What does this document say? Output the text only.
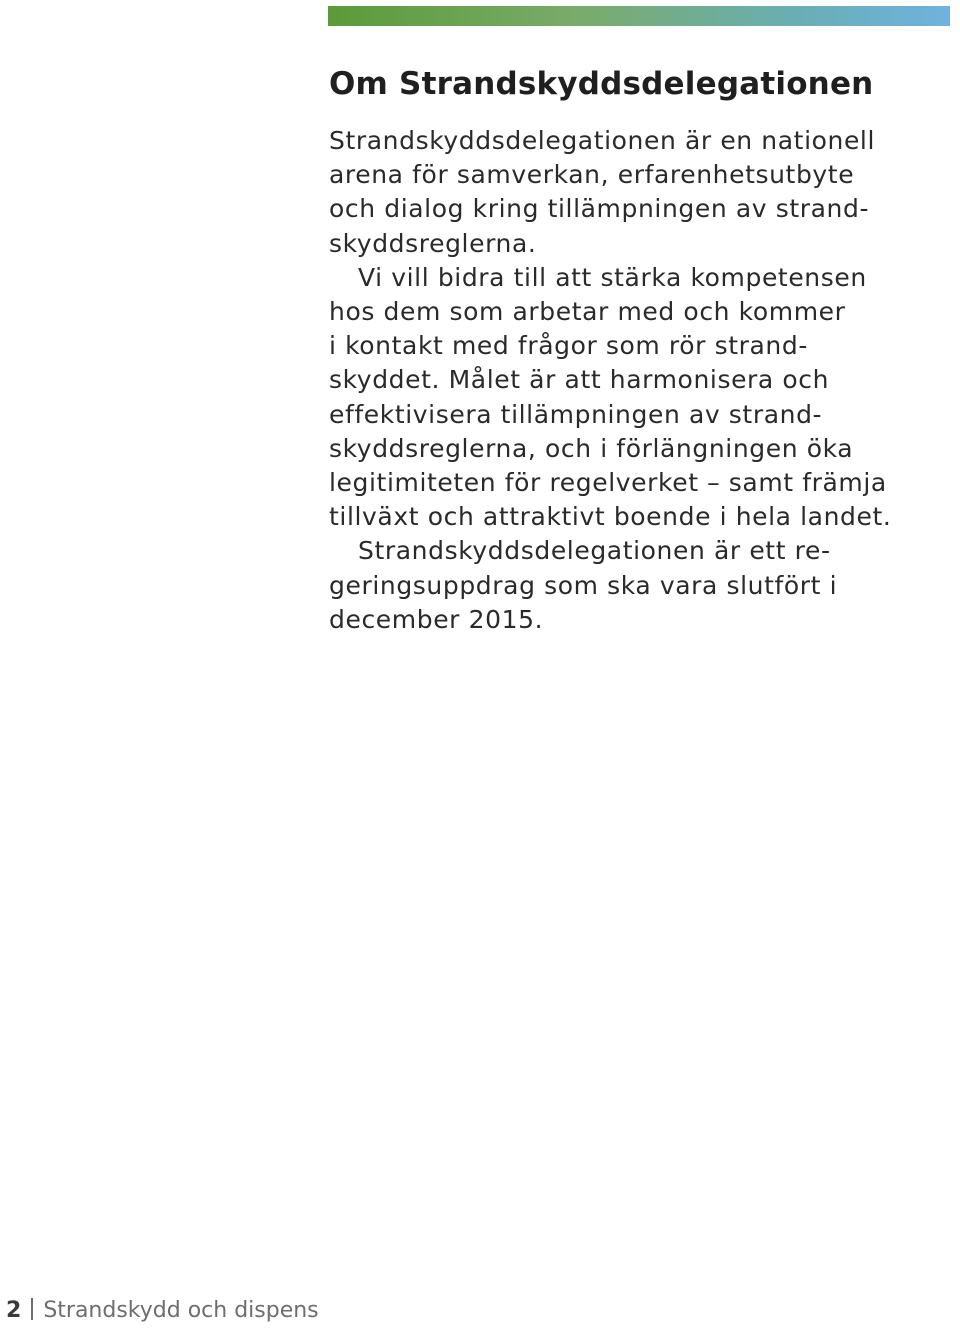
Om Strandskyddsdelegationen
Strandskyddsdelegationen är en nationell
arena för samverkan, erfarenhetsutbyte
och dialog kring tillämpningen av strand-
skyddsreglerna.
Vi vill bidra till att stärka kompetensen
hos dem som arbetar med och kommer
i kontakt med frågor som rör strand-
skyddet. Målet är att harmonisera och
effektivisera tillämpningen av strand-
skyddsreglerna, och i förlängningen öka
legitimiteten för regelverket – samt främja
tillväxt och attraktivt boende i hela landet.
Strandskyddsdelegationen är ett re-
geringsuppdrag som ska vara slutfört i
december 2015.
2 Strandskydd och dispens
